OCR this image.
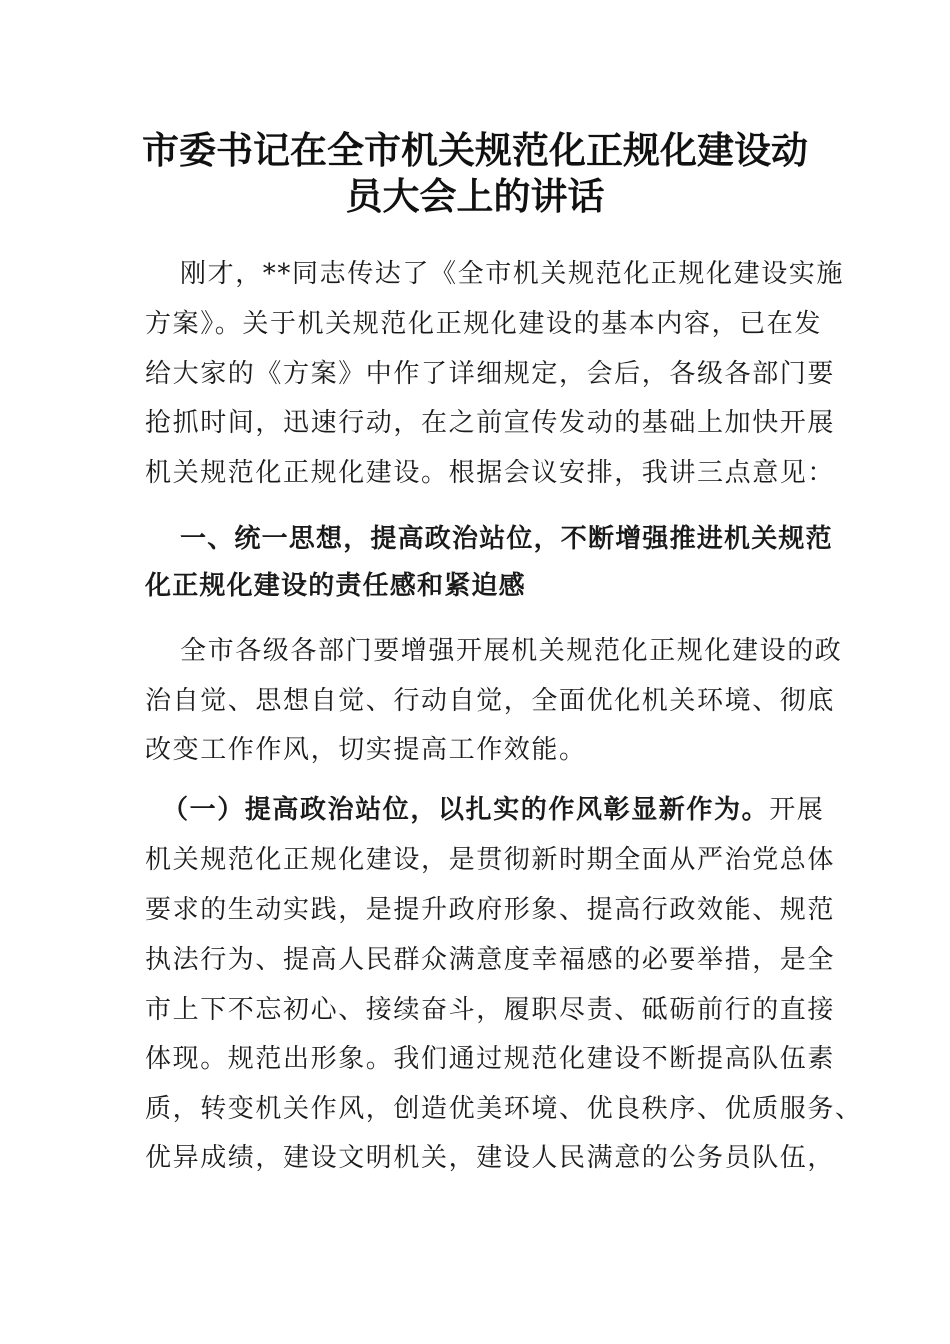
市委书记在全市机关规范化正规化建设动
员大会上的讲话
刚才，**同志传达了《全市机关规范化正规化建设实施
方案》。关于机关规范化正规化建设的基本内容，已在发
给大家的《方案》中作了详细规定，会后，各级各部门要
抢抓时间，迅速行动，在之前宣传发动的基础上加快开展
机关规范化正规化建设。根据会议安排，我讲三点意见：
一、统一思想，提高政治站位，不断增强推进机关规范
化正规化建设的责任感和紧迫感
全市各级各部门要增强开展机关规范化正规化建设的政
治自觉、思想自觉、行动自觉，全面优化机关环境、彻底
改变工作作风，切实提高工作效能。
（一）提高政治站位，以扎实的作风彰显新作为。开展
机关规范化正规化建设，是贯彻新时期全面从严治党总体
要求的生动实践，是提升政府形象、提高行政效能、规范
执法行为、提高人民群众满意度幸福感的必要举措，是全
市上下不忘初心、接续奋斗，履职尽责、砥砺前行的直接
体现。规范出形象。我们通过规范化建设不断提高队伍素
质，转变机关作风，创造优美环境、优良秩序、优质服务、
优异成绩，建设文明机关，建设人民满意的公务员队伍，
